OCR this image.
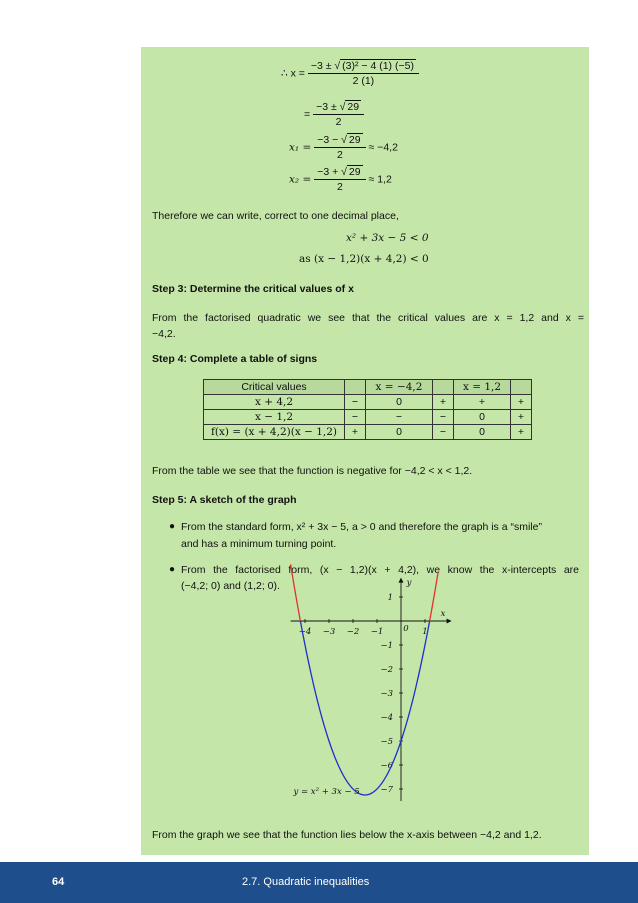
∴ $x = \frac{\text{−3 ± √ (3)² − 4 (1) (−5)}}{2 (1)}$
= $\frac{-3 \pm √ 29}{2}$
$x_1 = \frac{-3 - √ 29}{2} \approx -4,2$
$x_2 = \frac{-3 + √ 29}{2} \approx 1,2$
Therefore we can write, correct to one decimal place,
x² + 3x − 5 < 0
as (x − 1,2)(x + 4,2) < 0
Step 3: Determine the critical values of x
From the factorised quadratic we see that the critical values are x = 1,2 and x =
−4,2.
Step 4: Complete a table of signs
Critical values		x = −4,2		x = 1,2	
x + 4,2	−	0	+	+	+
x − 1,2	−	−	−	0	+
f(x) = (x + 4,2)(x − 1,2)	+	0	−	0	+
From the table we see that the function is negative for −4,2 < x < 1,2.
Step 5: A sketch of the graph
● From the standard form, x² + 3x − 5, a > 0 and therefore the graph is a “smile”
and has a minimum turning point.
● From the factorised form, (x − 1,2)(x + 4,2), we know the x-intercepts are
(−4,2; 0) and (1,2; 0).
x
y
−4 −3 −2 −1	1
1
−1
−2
−3
−4
−5
−6
−7
0
y = x² + 3x − 5
From the graph we see that the function lies below the x-axis between −4,2 and 1,2.
64	2.7. Quadratic inequalities
